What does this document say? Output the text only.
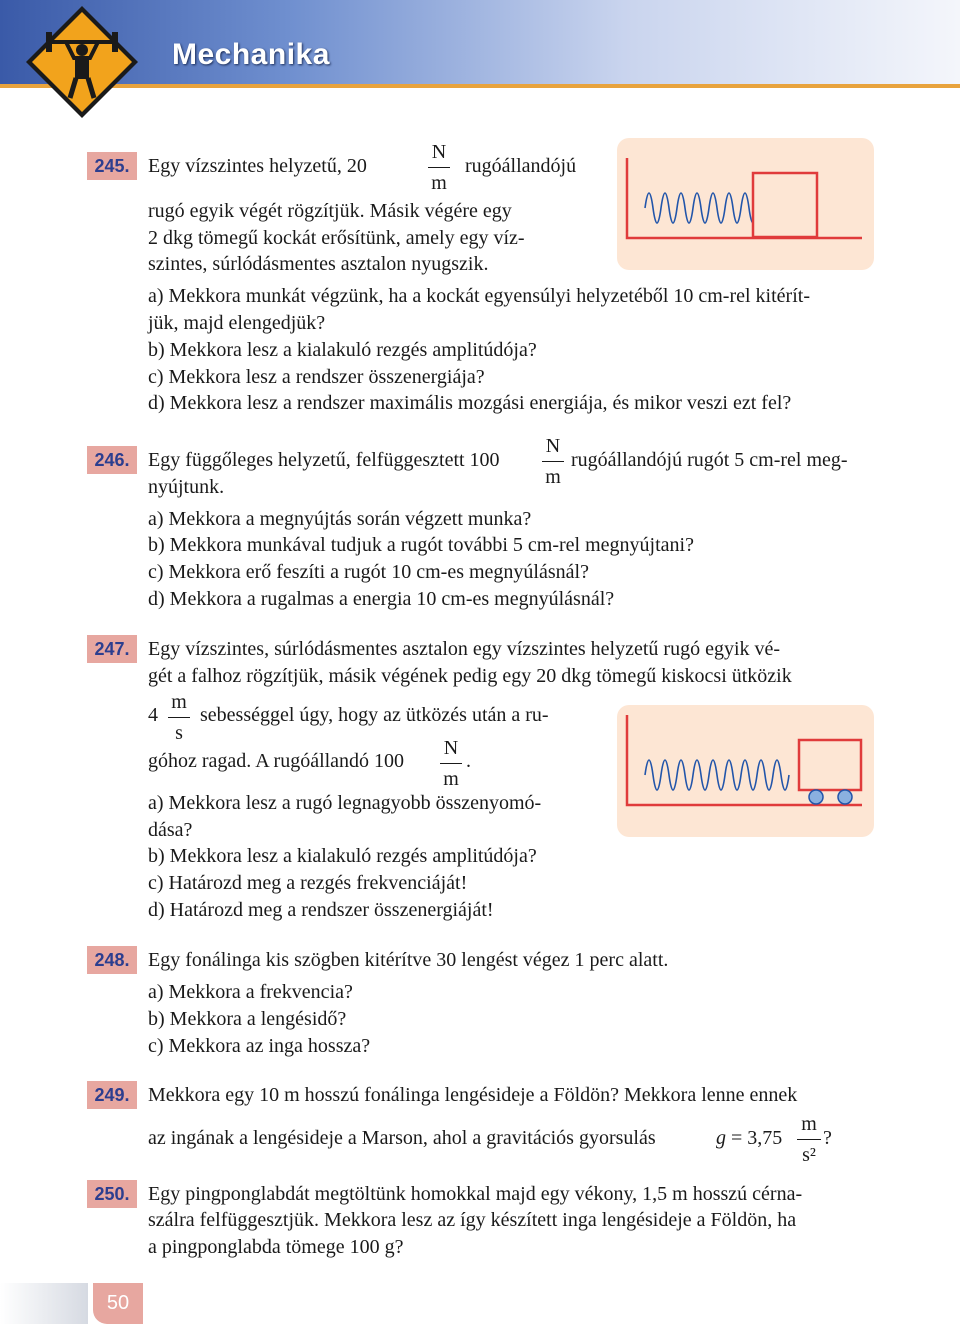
Mechanika
245. Egy vízszintes helyzetű, 20
N
m
rugóállandójú
rugó egyik végét rögzítjük. Másik végére egy
2 dkg tömegű kockát erősítünk, amely egy víz-
szintes, súrlódásmentes asztalon nyugszik.
a) Mekkora munkát végzünk, ha a kockát egyensúlyi helyzetéből 10 cm-rel kitérít-
jük, majd elengedjük?
b) Mekkora lesz a kialakuló rezgés amplitúdója?
c) Mekkora lesz a rendszer összenergiája?
d) Mekkora lesz a rendszer maximális mozgási energiája, és mikor veszi ezt fel?
246. Egy függőleges helyzetű, felfüggesztett 100
N
m
rugóállandójú rugót 5 cm-rel meg-
nyújtunk.
a) Mekkora a megnyújtás során végzett munka?
b) Mekkora munkával tudjuk a rugót további 5 cm-rel megnyújtani?
c) Mekkora erő feszíti a rugót 10 cm-es megnyúlásnál?
d) Mekkora a rugalmas a energia 10 cm-es megnyúlásnál?
247. Egy vízszintes, súrlódásmentes asztalon egy vízszintes helyzetű rugó egyik vé-
gét a falhoz rögzítjük, másik végének pedig egy 20 dkg tömegű kiskocsi ütközik
4
m
s
sebességgel úgy, hogy az ütközés után a ru-
góhoz ragad. A rugóállandó 100
N
m
.
a) Mekkora lesz a rugó legnagyobb összenyomó-
dása?
b) Mekkora lesz a kialakuló rezgés amplitúdója?
c) Határozd meg a rezgés frekvenciáját!
d) Határozd meg a rendszer összenergiáját!
248. Egy fonálinga kis szögben kitérítve 30 lengést végez 1 perc alatt.
a) Mekkora a frekvencia?
b) Mekkora a lengésidő?
c) Mekkora az inga hossza?
249. Mekkora egy 10 m hosszú fonálinga lengésideje a Földön? Mekkora lenne ennek
az ingának a lengésideje a Marson, ahol a gravitációs gyorsulás	g = 3,75
m
s²
?
250. Egy pingponglabdát megtöltünk homokkal majd egy vékony, 1,5 m hosszú cérna-
szálra felfüggesztjük. Mekkora lesz az így készített inga lengésideje a Földön, ha
a pingponglabda tömege 100 g?
50
